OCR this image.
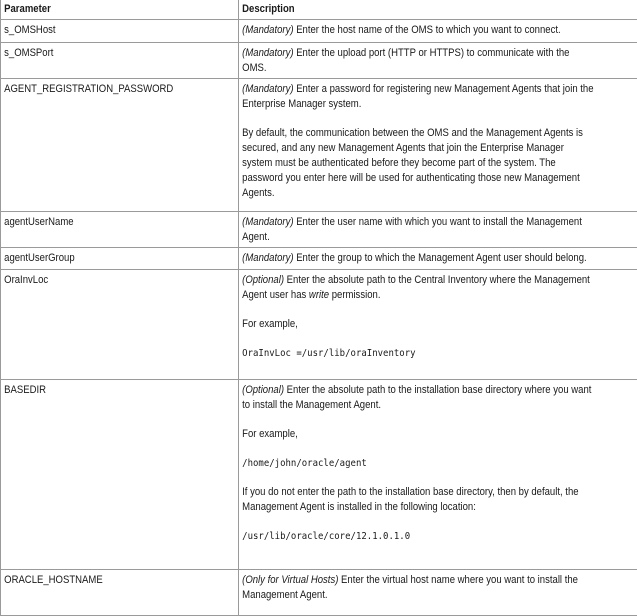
Parameter	Description
s_OMSHost	(Mandatory) Enter the host name of the OMS to which you want to connect.
s_OMSPort	(Mandatory) Enter the upload port (HTTP or HTTPS) to communicate with the OMS.
AGENT_REGISTRATION_PASSWORD	(Mandatory) Enter a password for registering new Management Agents that join the Enterprise Manager system.

By default, the communication between the OMS and the Management Agents is secured, and any new Management Agents that join the Enterprise Manager system must be authenticated before they become part of the system. The password you enter here will be used for authenticating those new Management Agents.

agentUserName	(Mandatory) Enter the user name with which you want to install the Management Agent.
agentUserGroup	(Mandatory) Enter the group to which the Management Agent user should belong.
OraInvLoc	(Optional) Enter the absolute path to the Central Inventory where the Management Agent user has write permission.

For example,

OraInvLoc =/usr/lib/oraInventory

BASEDIR	(Optional) Enter the absolute path to the installation base directory where you want to install the Management Agent.

For example,

/home/john/oracle/agent

If you do not enter the path to the installation base directory, then by default, the Management Agent is installed in the following location:

/usr/lib/oracle/core/12.1.0.1.0

ORACLE_HOSTNAME	(Only for Virtual Hosts) Enter the virtual host name where you want to install the Management Agent.
